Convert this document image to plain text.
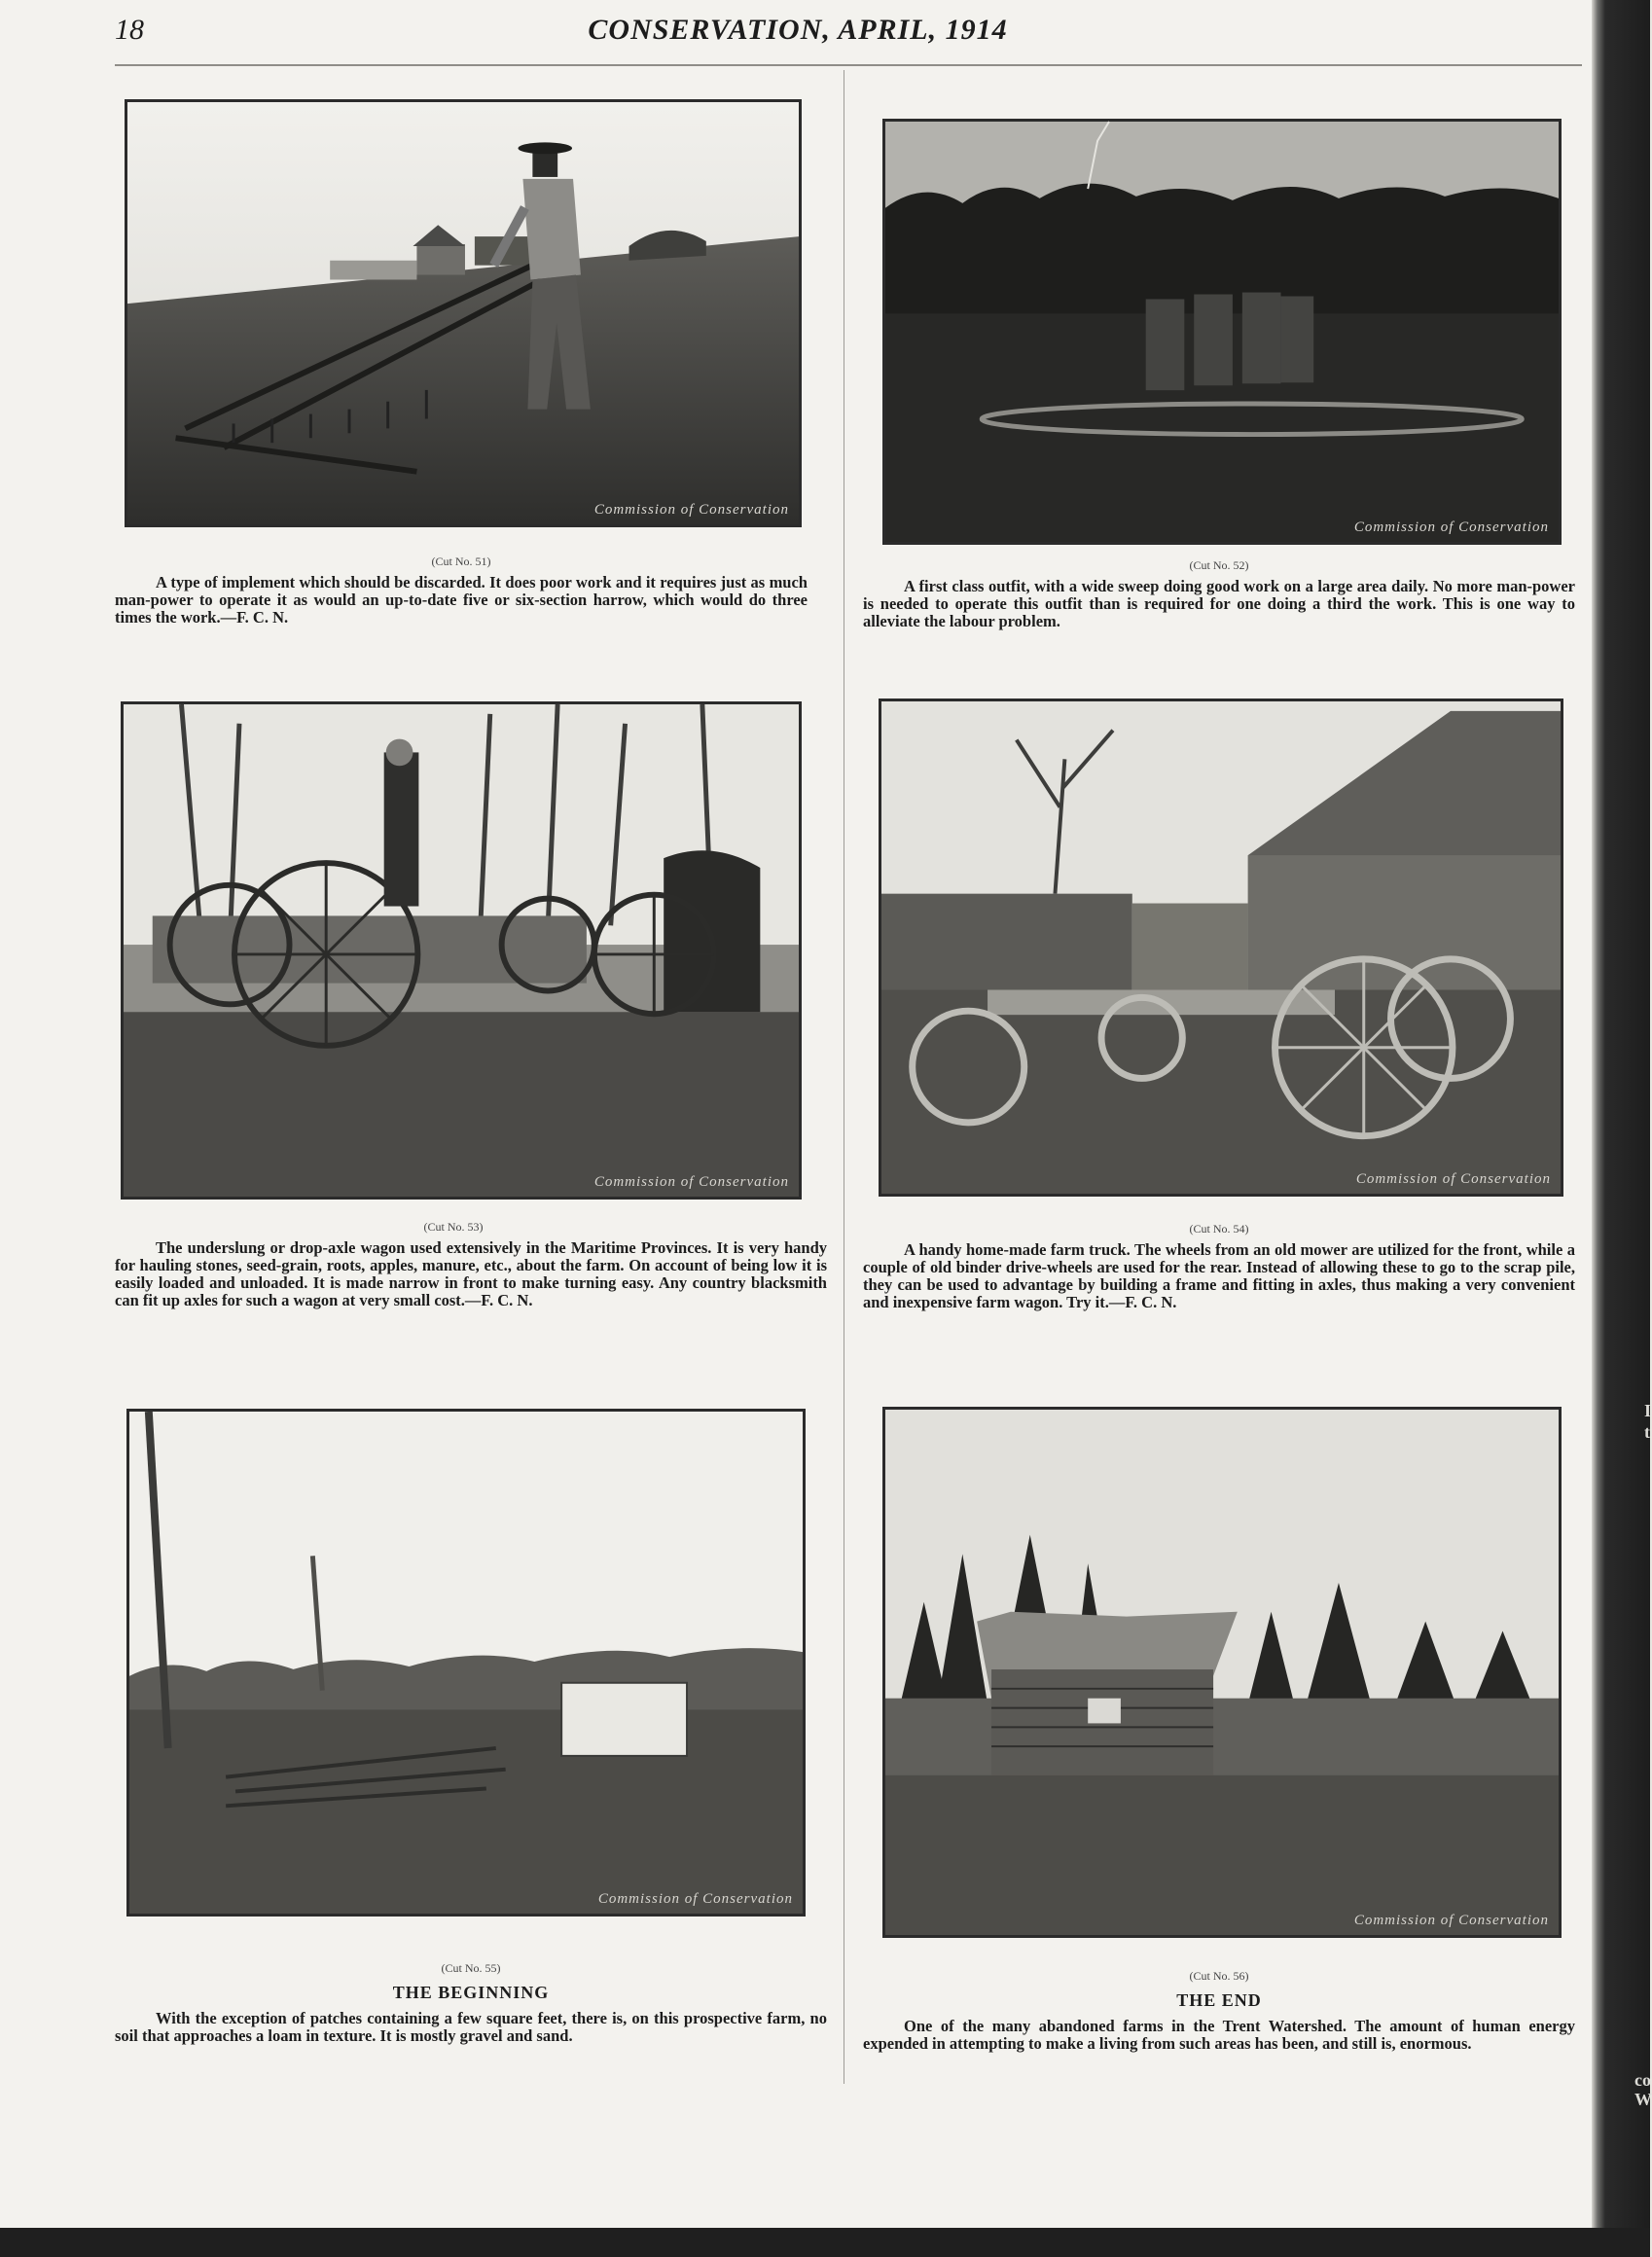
18	CONSERVATION, APRIL, 1914
Commission of Conservation
(Cut No. 51)

A type of implement which should be discarded. It does poor work and it requires just as much man-power to operate it as would an up-to-date five or six-section harrow, which would do three times the work.—F. C. N.

Commission of Conservation
(Cut No. 52)

A first class outfit, with a wide sweep doing good work on a large area daily. No more man-power is needed to operate this outfit than is required for one doing a third the work. This is one way to alleviate the labour problem.

Commission of Conservation
(Cut No. 53)

The underslung or drop-axle wagon used extensively in the Maritime Provinces. It is very handy for hauling stones, seed-grain, roots, apples, manure, etc., about the farm. On account of being low it is easily loaded and unloaded. It is made narrow in front to make turning easy. Any country blacksmith can fit up axles for such a wagon at very small cost.—F. C. N.

Commission of Conservation
(Cut No. 54)

A handy home-made farm truck. The wheels from an old mower are utilized for the front, while a couple of old binder drive-wheels are used for the rear. Instead of allowing these to go to the scrap pile, they can be used to advantage by building a frame and fitting in axles, thus making a very convenient and inexpensive farm wagon. Try it.—F. C. N.

Commission of Conservation
(Cut No. 55)
THE BEGINNING

With the exception of patches containing a few square feet, there is, on this prospective farm, no soil that approaches a loam in texture. It is mostly gravel and sand.

Commission of Conservation
(Cut No. 56)
THE END

One of the many abandoned farms in the Trent Watershed. The amount of human energy expended in attempting to make a living from such areas has been, and still is, enormous.

I
t
co
W
